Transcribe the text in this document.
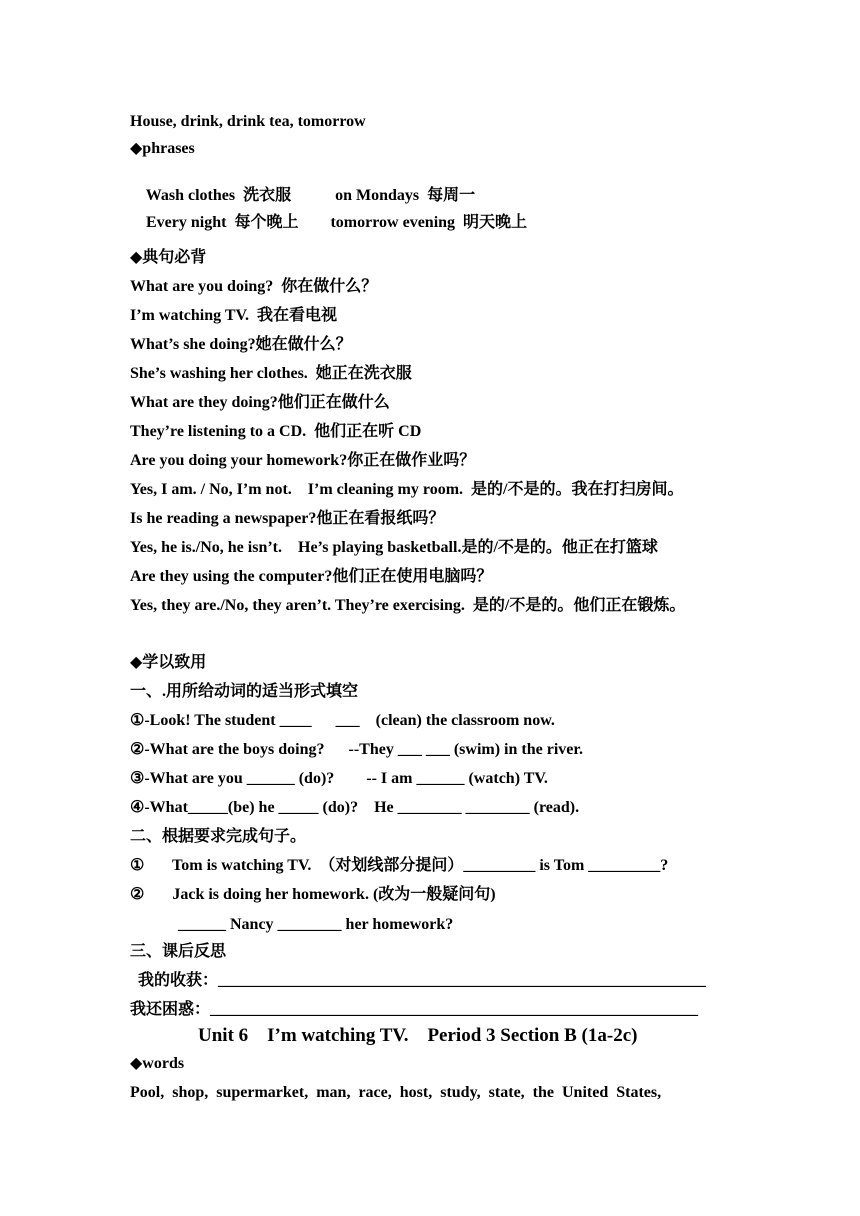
House, drink, drink tea, tomorrow
◆phrases

Wash clothes 洗衣服	on Mondays 每周一

Every night 每个晚上 tomorrow evening 明天晚上

◆典句必背
What are you doing?  你在做什么？
I’m watching TV.  我在看电视
What’s she doing?她在做什么？
She’s washing her clothes.  她正在洗衣服
What are they doing?他们正在做什么
They’re listening to a CD.  他们正在听 CD
Are you doing your homework?你正在做作业吗？
Yes, I am. / No, I’m not.    I’m cleaning my room.  是的/不是的。我在打扫房间。
Is he reading a newspaper?他正在看报纸吗？
Yes, he is./No, he isn’t.    He’s playing basketball.是的/不是的。他正在打篮球
Are they using the computer?他们正在使用电脑吗？
Yes, they are./No, they aren’t. They’re exercising.  是的/不是的。他们正在锻炼。
◆学以致用
一、.用所给动词的适当形式填空
①-Look! The student ____      ___    (clean) the classroom now.
②-What are the boys doing?      --They ___ ___ (swim) in the river.
③-What are you ______ (do)?        -- I am ______ (watch) TV.
④-What_____(be) he _____ (do)?    He ________ ________ (read).
二、根据要求完成句子。
①       Tom is watching TV.  （对划线部分提问）_________ is Tom _________?
②       Jack is doing her homework. (改为一般疑问句)
______ Nancy ________ her homework?
三、课后反思
我的收获：_____________________________________________________________
我还困惑：_____________________________________________________________
Unit 6    I’m watching TV.    Period 3 Section B (1a-2c)
◆words
Pool,  shop,  supermarket,  man,  race,  host,  study,  state,  the  United  States,
